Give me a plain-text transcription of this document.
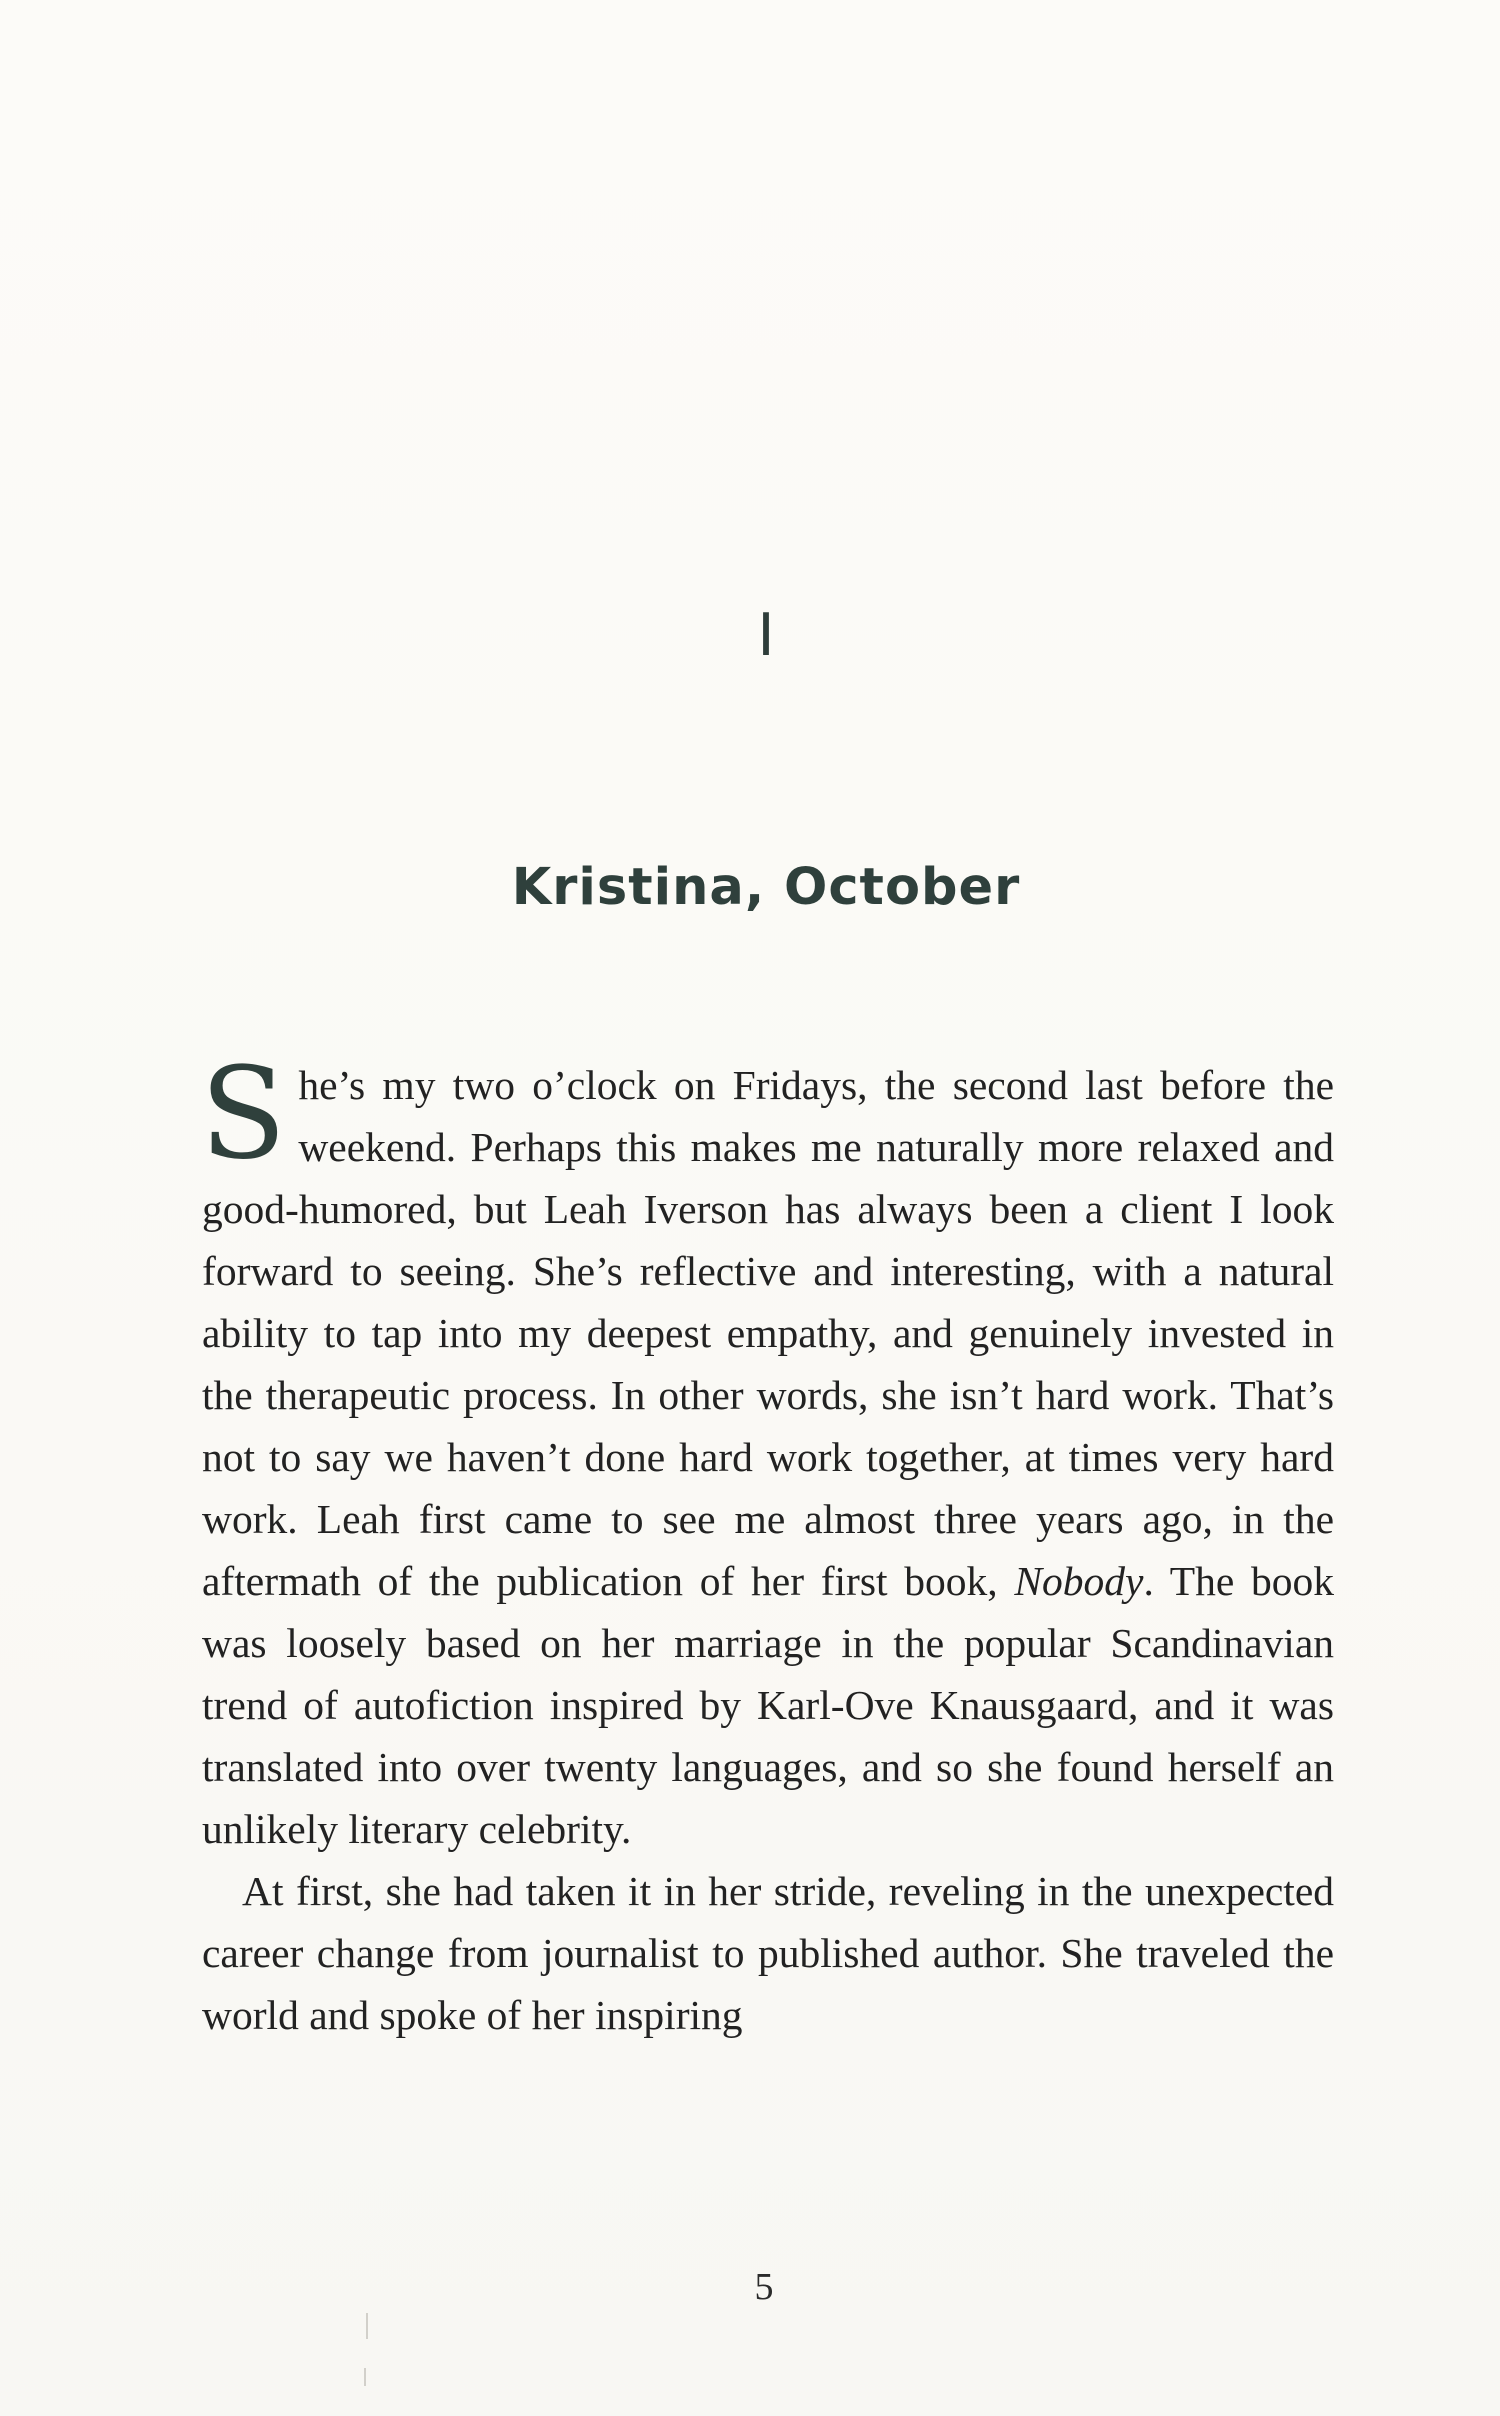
I
Kristina, October

She’s my two o’clock on Fridays, the second last before the weekend. Perhaps this makes me naturally more relaxed and good-humored, but Leah Iverson has always been a client I look forward to seeing. She’s reflective and interesting, with a natural ability to tap into my deepest empathy, and genuinely invested in the therapeutic process. In other words, she isn’t hard work. That’s not to say we haven’t done hard work together, at times very hard work. Leah first came to see me almost three years ago, in the aftermath of the publication of her first book, Nobody. The book was loosely based on her marriage in the popular Scandinavian trend of autofiction inspired by Karl-Ove Knausgaard, and it was translated into over twenty languages, and so she found herself an unlikely literary celebrity.

At first, she had taken it in her stride, reveling in the unexpected career change from journalist to published author. She traveled the world and spoke of her inspiring

5
